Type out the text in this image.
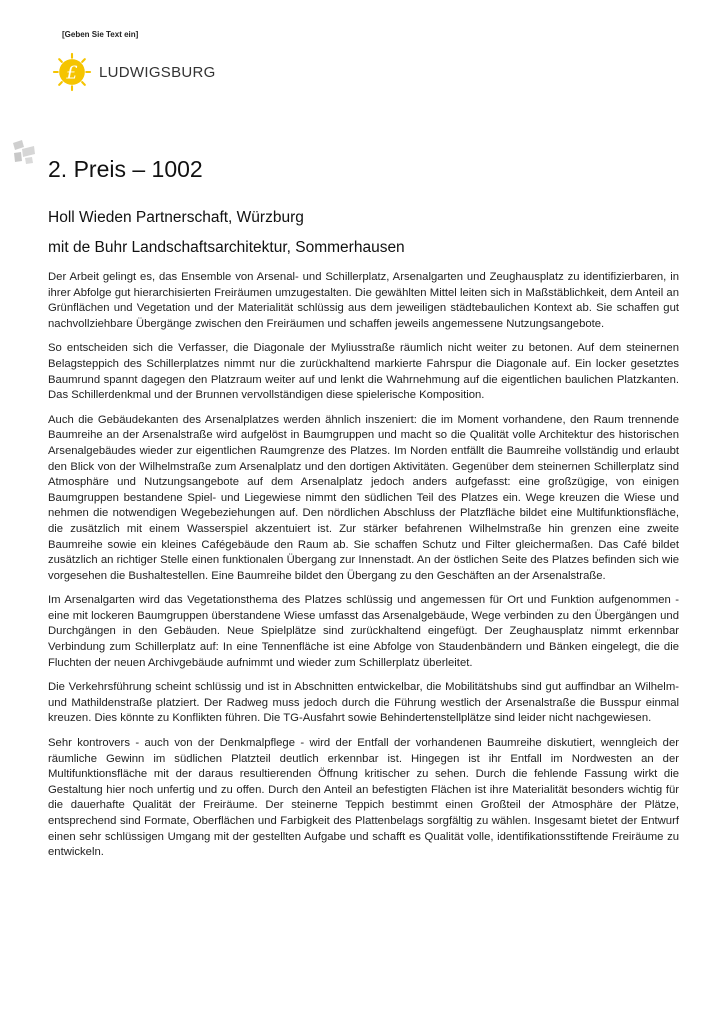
[Geben Sie Text ein]
£ LUDWIGSBURG
2. Preis – 1002
Holl Wieden Partnerschaft, Würzburg
mit de Buhr Landschaftsarchitektur, Sommerhausen

Der Arbeit gelingt es, das Ensemble von Arsenal- und Schillerplatz, Arsenalgarten und Zeughausplatz zu identifizierbaren, in ihrer Abfolge gut hierarchisierten Freiräumen umzugestalten. Die gewählten Mittel leiten sich in Maßstäblichkeit, dem Anteil an Grünflächen und Vegetation und der Materialität schlüssig aus dem jeweiligen städtebaulichen Kontext ab. Sie schaffen gut nachvollziehbare Übergänge zwischen den Freiräumen und schaffen jeweils angemessene Nutzungsangebote.

So entscheiden sich die Verfasser, die Diagonale der Myliusstraße räumlich nicht weiter zu betonen. Auf dem steinernen Belagsteppich des Schillerplatzes nimmt nur die zurückhaltend markierte Fahrspur die Diagonale auf. Ein locker gesetztes Baumrund spannt dagegen den Platzraum weiter auf und lenkt die Wahrnehmung auf die eigentlichen baulichen Platzkanten. Das Schillerdenkmal und der Brunnen vervollständigen diese spielerische Komposition.

Auch die Gebäudekanten des Arsenalplatzes werden ähnlich inszeniert: die im Moment vorhandene, den Raum trennende Baumreihe an der Arsenalstraße wird aufgelöst in Baumgruppen und macht so die Qualität volle Architektur des historischen Arsenalgebäudes wieder zur eigentlichen Raumgrenze des Platzes. Im Norden entfällt die Baumreihe vollständig und erlaubt den Blick von der Wilhelmstraße zum Arsenalplatz und den dortigen Aktivitäten. Gegenüber dem steinernen Schillerplatz sind Atmosphäre und Nutzungsangebote auf dem Arsenalplatz jedoch anders aufgefasst: eine großzügige, von einigen Baumgruppen bestandene Spiel- und Liegewiese nimmt den südlichen Teil des Platzes ein. Wege kreuzen die Wiese und nehmen die notwendigen Wegebeziehungen auf. Den nördlichen Abschluss der Platzfläche bildet eine Multifunktionsfläche, die zusätzlich mit einem Wasserspiel akzentuiert ist. Zur stärker befahrenen Wilhelmstraße hin grenzen eine zweite Baumreihe sowie ein kleines Cafégebäude den Raum ab. Sie schaffen Schutz und Filter gleichermaßen. Das Café bildet zusätzlich an richtiger Stelle einen funktionalen Übergang zur Innenstadt. An der östlichen Seite des Platzes befinden sich wie vorgesehen die Bushaltestellen. Eine Baumreihe bildet den Übergang zu den Geschäften an der Arsenalstraße.

Im Arsenalgarten wird das Vegetationsthema des Platzes schlüssig und angemessen für Ort und Funktion aufgenommen - eine mit lockeren Baumgruppen überstandene Wiese umfasst das Arsenalgebäude, Wege verbinden zu den Übergängen und Durchgängen in den Gebäuden. Neue Spielplätze sind zurückhaltend eingefügt. Der Zeughausplatz nimmt erkennbar Verbindung zum Schillerplatz auf: In eine Tennenfläche ist eine Abfolge von Staudenbändern und Bänken eingelegt, die die Fluchten der neuen Archivgebäude aufnimmt und wieder zum Schillerplatz überleitet.

Die Verkehrsführung scheint schlüssig und ist in Abschnitten entwickelbar, die Mobilitätshubs sind gut auffindbar an Wilhelm- und Mathildenstraße platziert. Der Radweg muss jedoch durch die Führung westlich der Arsenalstraße die Busspur einmal kreuzen. Dies könnte zu Konflikten führen. Die TG-Ausfahrt sowie Behindertenstellplätze sind leider nicht nachgewiesen.

Sehr kontrovers - auch von der Denkmalpflege - wird der Entfall der vorhandenen Baumreihe diskutiert, wenngleich der räumliche Gewinn im südlichen Platzteil deutlich erkennbar ist. Hingegen ist ihr Entfall im Nordwesten an der Multifunktionsfläche mit der daraus resultierenden Öffnung kritischer zu sehen. Durch die fehlende Fassung wirkt die Gestaltung hier noch unfertig und zu offen. Durch den Anteil an befestigten Flächen ist ihre Materialität besonders wichtig für die dauerhafte Qualität der Freiräume. Der steinerne Teppich bestimmt einen Großteil der Atmosphäre der Plätze, entsprechend sind Formate, Oberflächen und Farbigkeit des Plattenbelags sorgfältig zu wählen. Insgesamt bietet der Entwurf einen sehr schlüssigen Umgang mit der gestellten Aufgabe und schafft es Qualität volle, identifikationsstiftende Freiräume zu entwickeln.
